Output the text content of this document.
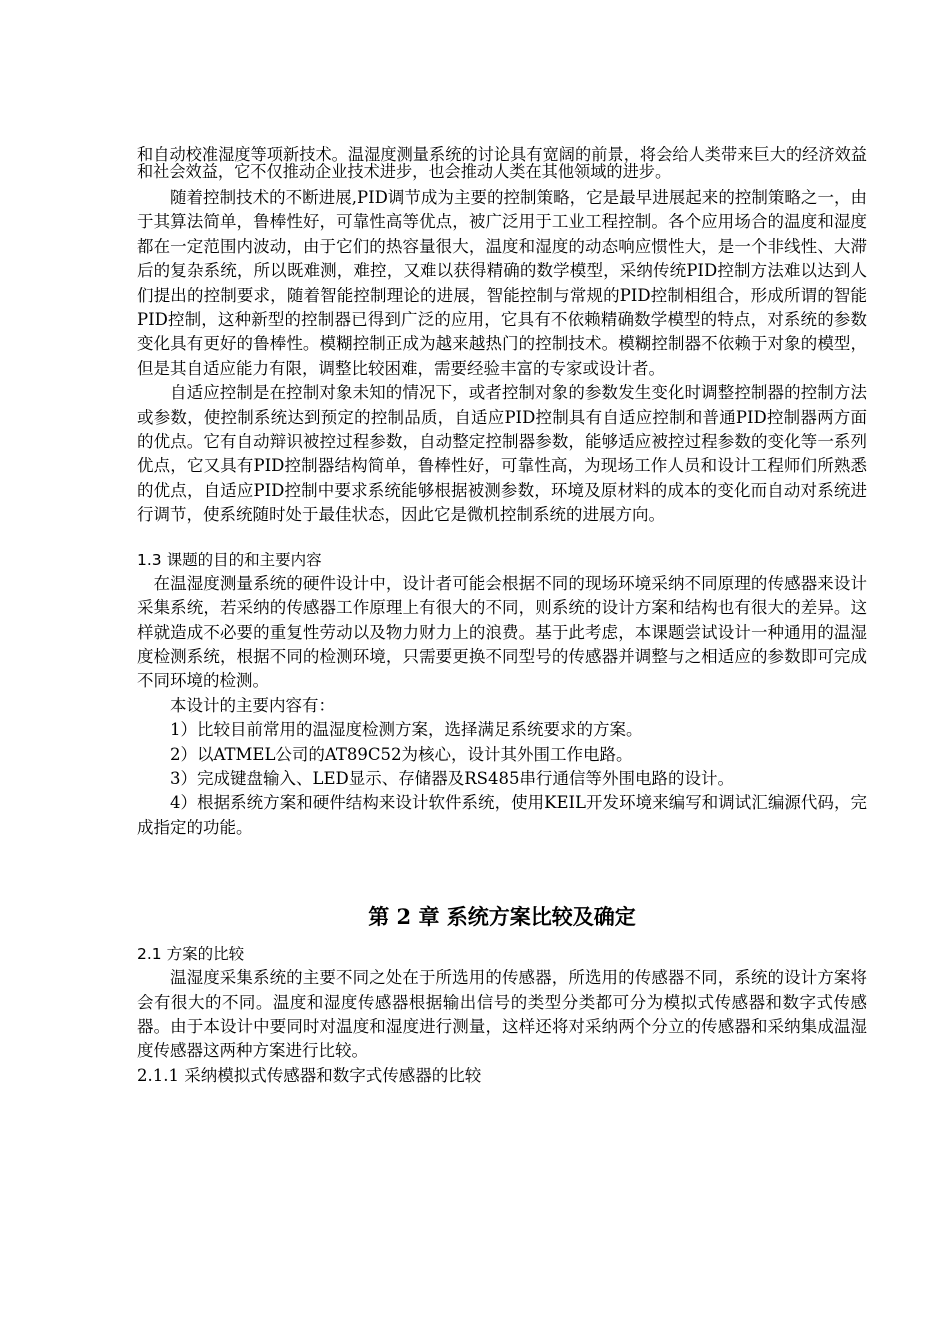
和自动校准湿度等项新技术。温湿度测量系统的讨论具有宽阔的前景，将会给人类带来巨大的经济效益和社会效益，它不仅推动企业技术进步，也会推动人类在其他领域的进步。

随着控制技术的不断进展,PID调节成为主要的控制策略，它是最早进展起来的控制策略之一，由于其算法简单，鲁棒性好，可靠性高等优点，被广泛用于工业工程控制。各个应用场合的温度和湿度都在一定范围内波动，由于它们的热容量很大，温度和湿度的动态响应惯性大，是一个非线性、大滞后的复杂系统，所以既难测，难控，又难以获得精确的数学模型，采纳传统PID控制方法难以达到人们提出的控制要求，随着智能控制理论的进展，智能控制与常规的PID控制相组合，形成所谓的智能PID控制，这种新型的控制器已得到广泛的应用，它具有不依赖精确数学模型的特点，对系统的参数变化具有更好的鲁棒性。模糊控制正成为越来越热门的控制技术。模糊控制器不依赖于对象的模型，但是其自适应能力有限，调整比较困难，需要经验丰富的专家或设计者。

自适应控制是在控制对象未知的情况下，或者控制对象的参数发生变化时调整控制器的控制方法或参数，使控制系统达到预定的控制品质，自适应PID控制具有自适应控制和普通PID控制器两方面的优点。它有自动辩识被控过程参数，自动整定控制器参数，能够适应被控过程参数的变化等一系列优点，它又具有PID控制器结构简单，鲁棒性好，可靠性高，为现场工作人员和设计工程师们所熟悉的优点，自适应PID控制中要求系统能够根据被测参数，环境及原材料的成本的变化而自动对系统进行调节，使系统随时处于最佳状态，因此它是微机控制系统的进展方向。

1.3 课题的目的和主要内容

在温湿度测量系统的硬件设计中，设计者可能会根据不同的现场环境采纳不同原理的传感器来设计采集系统，若采纳的传感器工作原理上有很大的不同，则系统的设计方案和结构也有很大的差异。这样就造成不必要的重复性劳动以及物力财力上的浪费。基于此考虑，本课题尝试设计一种通用的温湿度检测系统，根据不同的检测环境，只需要更换不同型号的传感器并调整与之相适应的参数即可完成不同环境的检测。

本设计的主要内容有：

1）比较目前常用的温湿度检测方案，选择满足系统要求的方案。

2）以ATMEL公司的AT89C52为核心，设计其外围工作电路。

3）完成键盘输入、LED显示、存储器及RS485串行通信等外围电路的设计。

4）根据系统方案和硬件结构来设计软件系统，使用KEIL开发环境来编写和调试汇编源代码，完成指定的功能。

第 2 章 系统方案比较及确定

2.1 方案的比较

温湿度采集系统的主要不同之处在于所选用的传感器，所选用的传感器不同，系统的设计方案将会有很大的不同。温度和湿度传感器根据输出信号的类型分类都可分为模拟式传感器和数字式传感器。由于本设计中要同时对温度和湿度进行测量，这样还将对采纳两个分立的传感器和采纳集成温湿度传感器这两种方案进行比较。

2.1.1 采纳模拟式传感器和数字式传感器的比较
